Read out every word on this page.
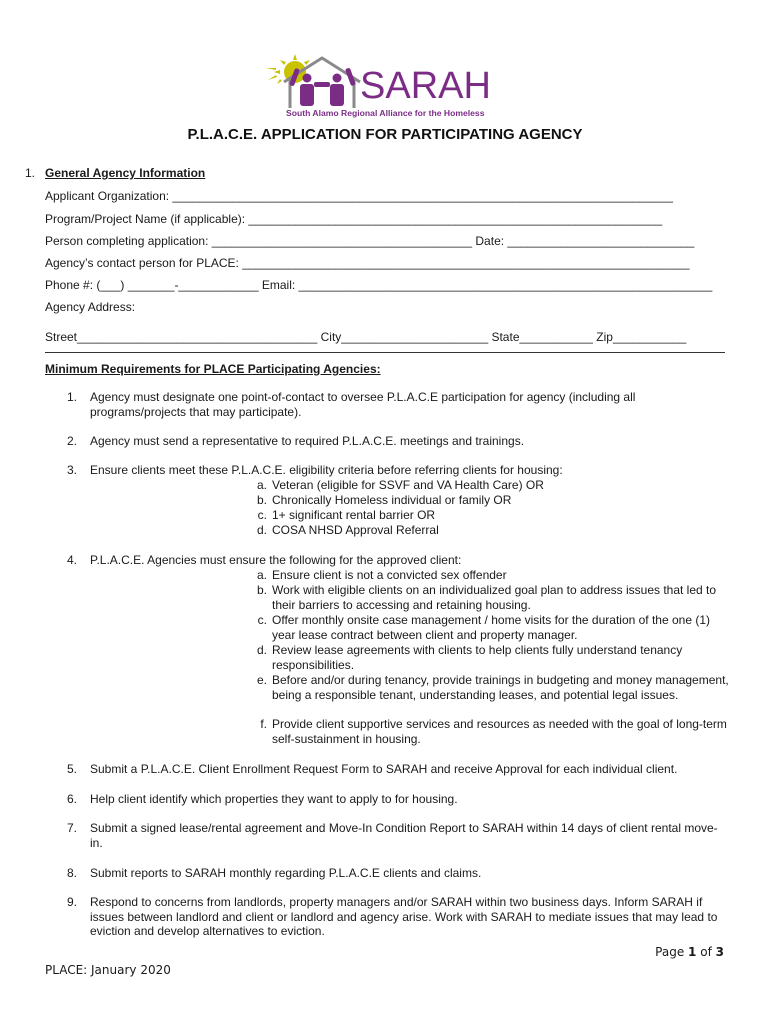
SARAH
South Alamo Regional Alliance for the Homeless
P.L.A.C.E. APPLICATION FOR PARTICIPATING AGENCY
1. General Agency Information
Applicant Organization: ___________________________________________________________________________
Program/Project Name (if applicable): ______________________________________________________________
Person completing application: _______________________________________ Date: ____________________________
Agency’s contact person for PLACE: ___________________________________________________________________
Phone #: (___) _______-____________ Email: ______________________________________________________________
Agency Address:
Street____________________________________ City______________________ State___________ Zip___________
Minimum Requirements for PLACE Participating Agencies:
1. Agency must designate one point-of-contact to oversee P.L.A.C.E participation for agency (including all programs/projects that may participate).
2. Agency must send a representative to required P.L.A.C.E. meetings and trainings.
3. Ensure clients meet these P.L.A.C.E. eligibility criteria before referring clients for housing:
a. Veteran (eligible for SSVF and VA Health Care) OR
b. Chronically Homeless individual or family OR
c. 1+ significant rental barrier OR
d. COSA NHSD Approval Referral
4. P.L.A.C.E. Agencies must ensure the following for the approved client:
a. Ensure client is not a convicted sex offender
b. Work with eligible clients on an individualized goal plan to address issues that led to their barriers to accessing and retaining housing.
c. Offer monthly onsite case management / home visits for the duration of the one (1) year lease contract between client and property manager.
d. Review lease agreements with clients to help clients fully understand tenancy responsibilities.
e. Before and/or during tenancy, provide trainings in budgeting and money management, being a responsible tenant, understanding leases, and potential legal issues.
f. Provide client supportive services and resources as needed with the goal of long-term self-sustainment in housing.
5. Submit a P.L.A.C.E. Client Enrollment Request Form to SARAH and receive Approval for each individual client.
6. Help client identify which properties they want to apply to for housing.
7. Submit a signed lease/rental agreement and Move-In Condition Report to SARAH within 14 days of client rental move-in.
8. Submit reports to SARAH monthly regarding P.L.A.C.E clients and claims.
9. Respond to concerns from landlords, property managers and/or SARAH within two business days. Inform SARAH if issues between landlord and client or landlord and agency arise. Work with SARAH to mediate issues that may lead to eviction and develop alternatives to eviction.
Page 1 of 3
PLACE: January 2020
